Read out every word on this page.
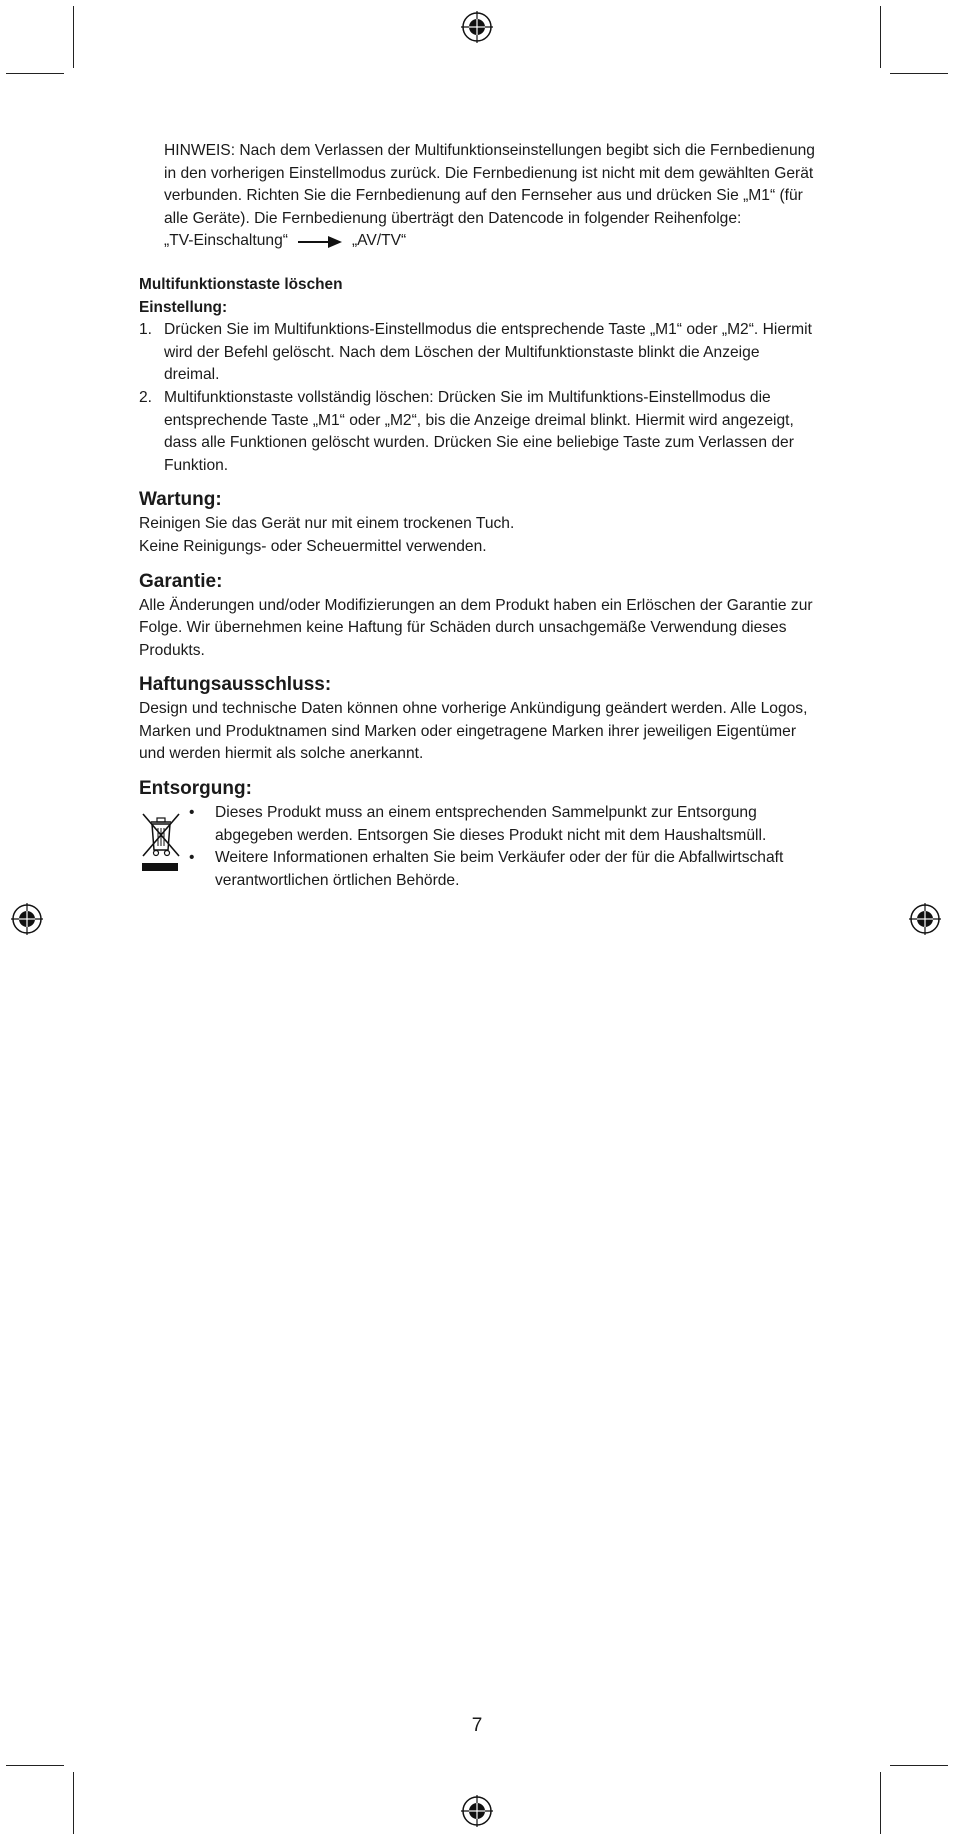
HINWEIS: Nach dem Verlassen der Multifunktionseinstellungen begibt sich die Fernbedienung in den vorherigen Einstellmodus zurück. Die Fernbedienung ist nicht mit dem gewählten Gerät verbunden. Richten Sie die Fernbedienung auf den Fernseher aus und drücken Sie „M1“ (für alle Geräte). Die Fernbedienung überträgt den Datencode in folgender Reihenfolge:

„TV-Einschaltung“	„AV/TV“

Multifunktionstaste löschen

Einstellung:

1. Drücken Sie im Multifunktions-Einstellmodus die entsprechende Taste „M1“ oder „M2“. Hiermit wird der Befehl gelöscht. Nach dem Löschen der Multifunktionstaste blinkt die Anzeige dreimal.
2. Multifunktionstaste vollständig löschen: Drücken Sie im Multifunktions-Einstellmodus die entsprechende Taste „M1“ oder „M2“, bis die Anzeige dreimal blinkt. Hiermit wird angezeigt, dass alle Funktionen gelöscht wurden. Drücken Sie eine beliebige Taste zum Verlassen der Funktion.
Wartung:

Reinigen Sie das Gerät nur mit einem trockenen Tuch.

Keine Reinigungs- oder Scheuermittel verwenden.

Garantie:

Alle Änderungen und/oder Modifizierungen an dem Produkt haben ein Erlöschen der Garantie zur Folge. Wir übernehmen keine Haftung für Schäden durch unsachgemäße Verwendung dieses Produkts.

Haftungsausschluss:

Design und technische Daten können ohne vorherige Ankündigung geändert werden. Alle Logos, Marken und Produktnamen sind Marken oder eingetragene Marken ihrer jeweiligen Eigentümer und werden hiermit als solche anerkannt.

Entsorgung:
• Dieses Produkt muss an einem entsprechenden Sammelpunkt zur Entsorgung abgegeben werden. Entsorgen Sie dieses Produkt nicht mit dem Haushaltsmüll.
• Weitere Informationen erhalten Sie beim Verkäufer oder der für die Abfallwirtschaft verantwortlichen örtlichen Behörde.
7
